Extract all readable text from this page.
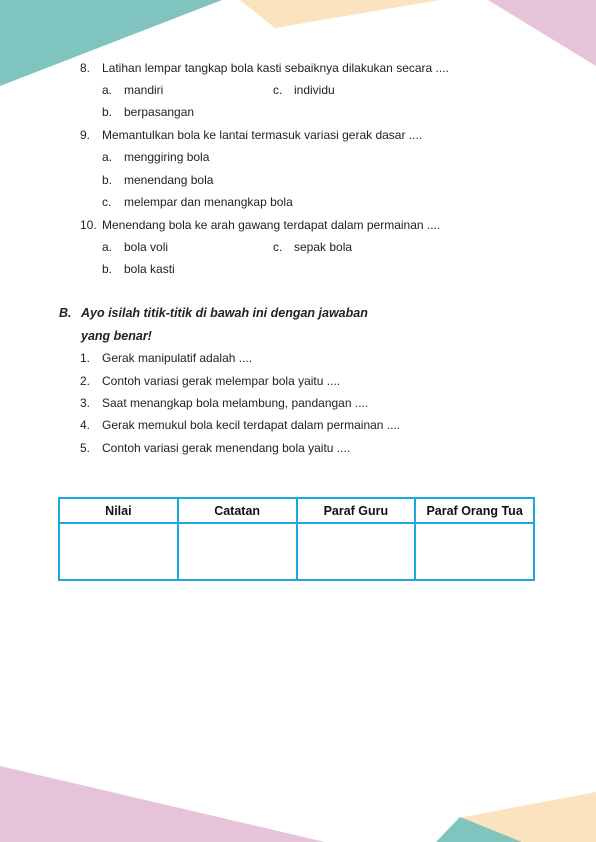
8. Latihan lempar tangkap bola kasti sebaiknya dilakukan secara ....
a. mandiri	c. individu
b. berpasangan
9. Memantulkan bola ke lantai termasuk variasi gerak dasar ....
a. menggiring bola
b. menendang bola
c. melempar dan menangkap bola
10. Menendang bola ke arah gawang terdapat dalam permainan ....
a. bola voli	c. sepak bola
b. bola kasti
B. Ayo isilah titik-titik di bawah ini dengan jawaban
yang benar!
1. Gerak manipulatif adalah ....
2. Contoh variasi gerak melempar bola yaitu ....
3. Saat menangkap bola melambung, pandangan ....
4. Gerak memukul bola kecil terdapat dalam permainan ....
5. Contoh variasi gerak menendang bola yaitu ....
Nilai	Catatan	Paraf Guru	Paraf Orang Tua
